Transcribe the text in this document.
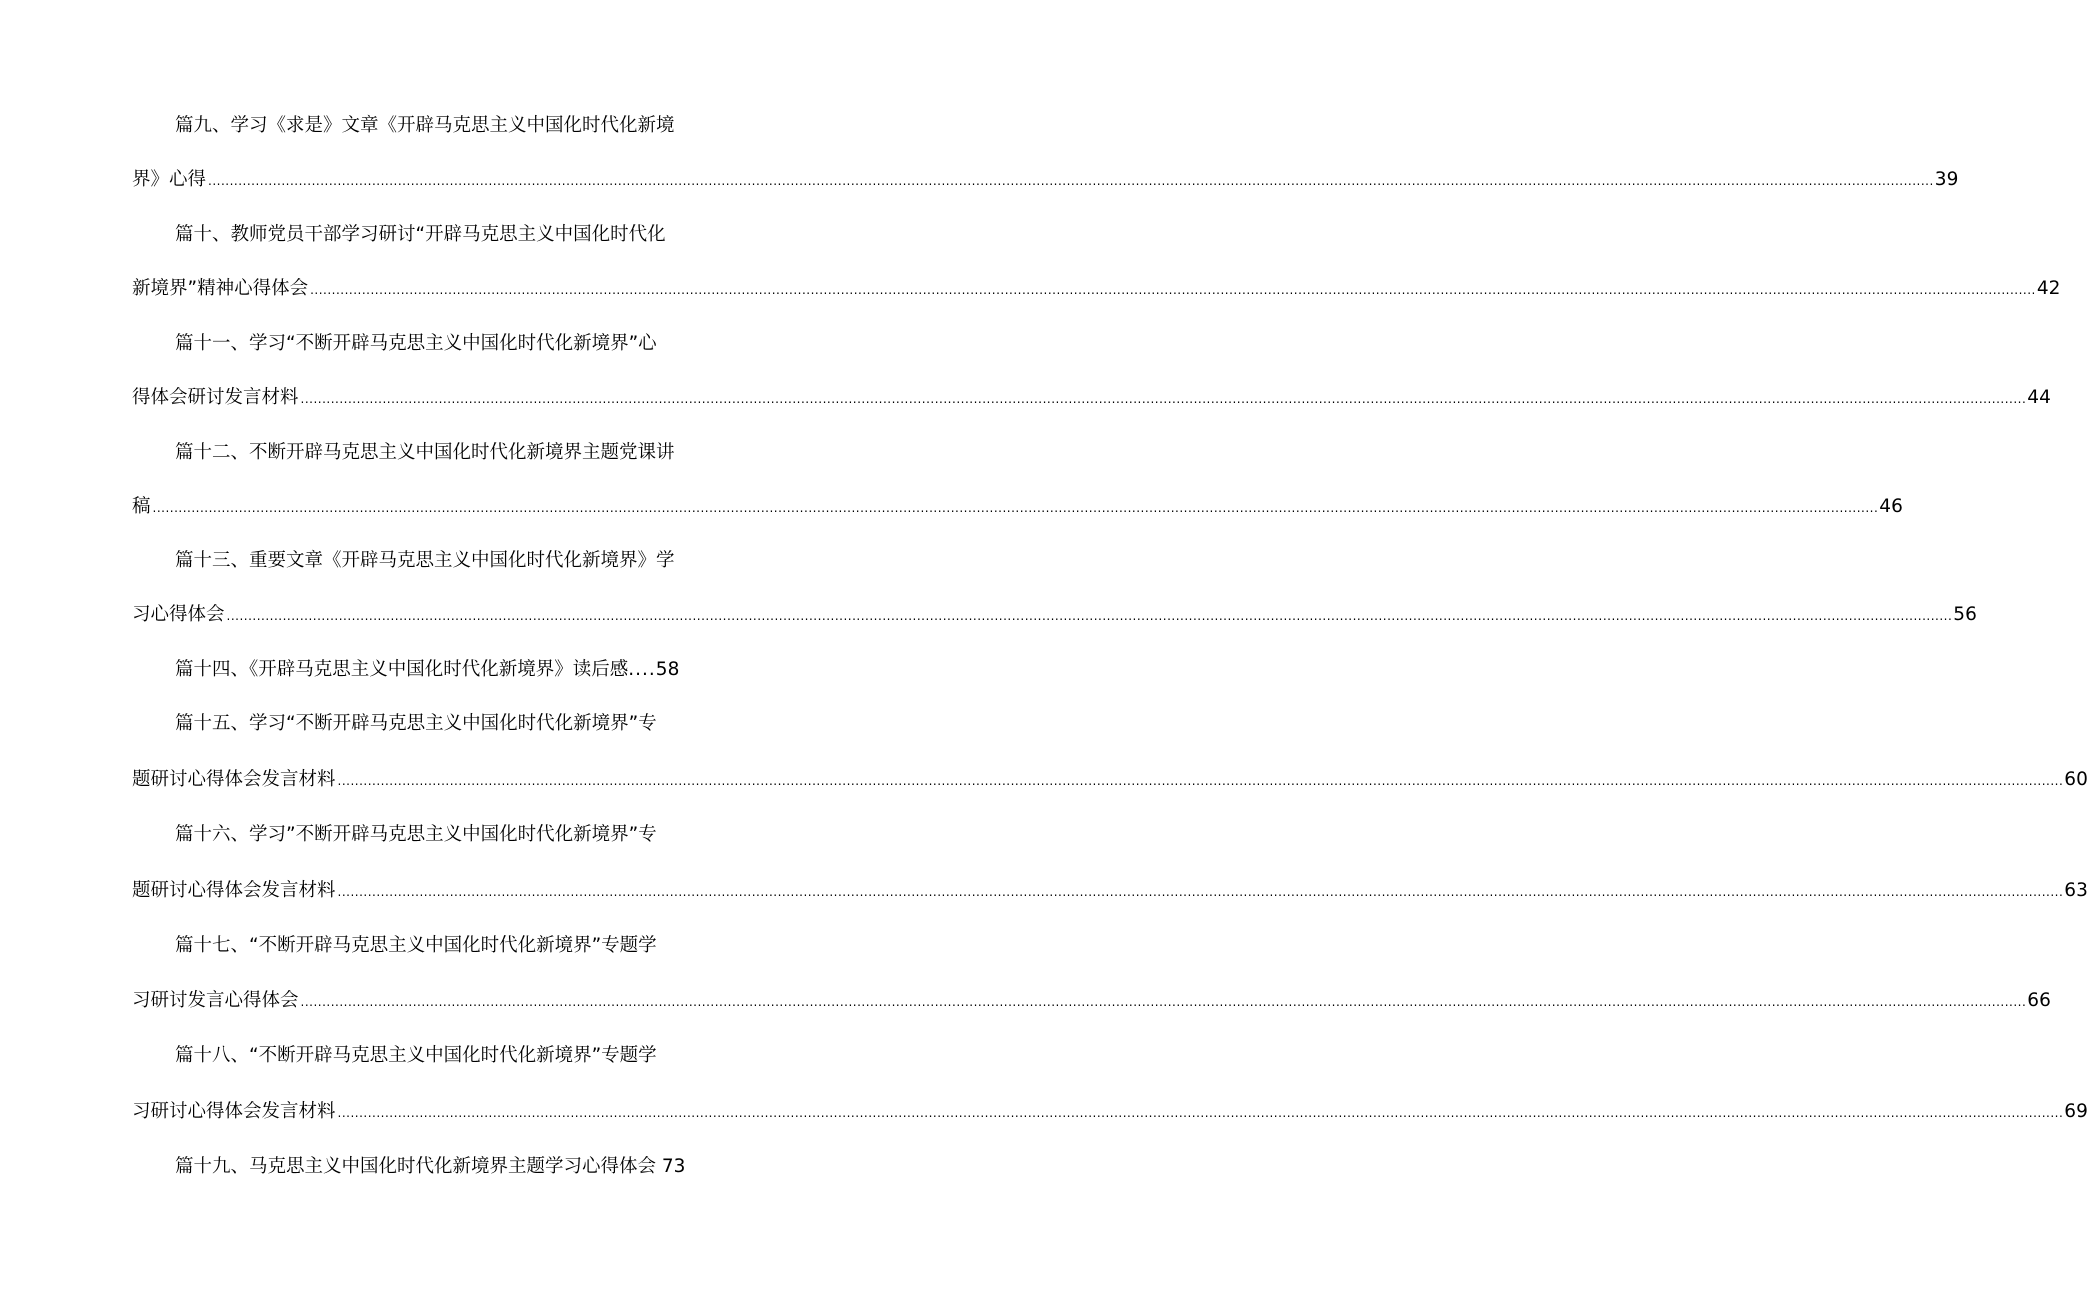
篇九、学习《求是》文章《开辟马克思主义中国化时代化新境
界》心得 ................................................................................................................................................................................................................................................................................................................................................................................................................ 39
篇十、教师党员干部学习研讨“开辟马克思主义中国化时代化
新境界”精神心得体会 ................................................................................................................................................................................................................................................................................................................................................................................................................ 42
篇十一、学习“不断开辟马克思主义中国化时代化新境界”心
得体会研讨发言材料 ................................................................................................................................................................................................................................................................................................................................................................................................................ 44
篇十二、不断开辟马克思主义中国化时代化新境界主题党课讲
稿 ................................................................................................................................................................................................................................................................................................................................................................................................................ 46
篇十三、重要文章《开辟马克思主义中国化时代化新境界》学
习心得体会 ................................................................................................................................................................................................................................................................................................................................................................................................................ 56
篇十四、《开辟马克思主义中国化时代化新境界》读后感 .... 58
篇十五、学习“不断开辟马克思主义中国化时代化新境界”专
题研讨心得体会发言材料 ................................................................................................................................................................................................................................................................................................................................................................................................................ 60
篇十六、学习”不断开辟马克思主义中国化时代化新境界”专
题研讨心得体会发言材料 ................................................................................................................................................................................................................................................................................................................................................................................................................ 63
篇十七、“不断开辟马克思主义中国化时代化新境界”专题学
习研讨发言心得体会 ................................................................................................................................................................................................................................................................................................................................................................................................................ 66
篇十八、“不断开辟马克思主义中国化时代化新境界”专题学
习研讨心得体会发言材料 ................................................................................................................................................................................................................................................................................................................................................................................................................ 69
篇十九、马克思主义中国化时代化新境界主题学习心得体会 73
